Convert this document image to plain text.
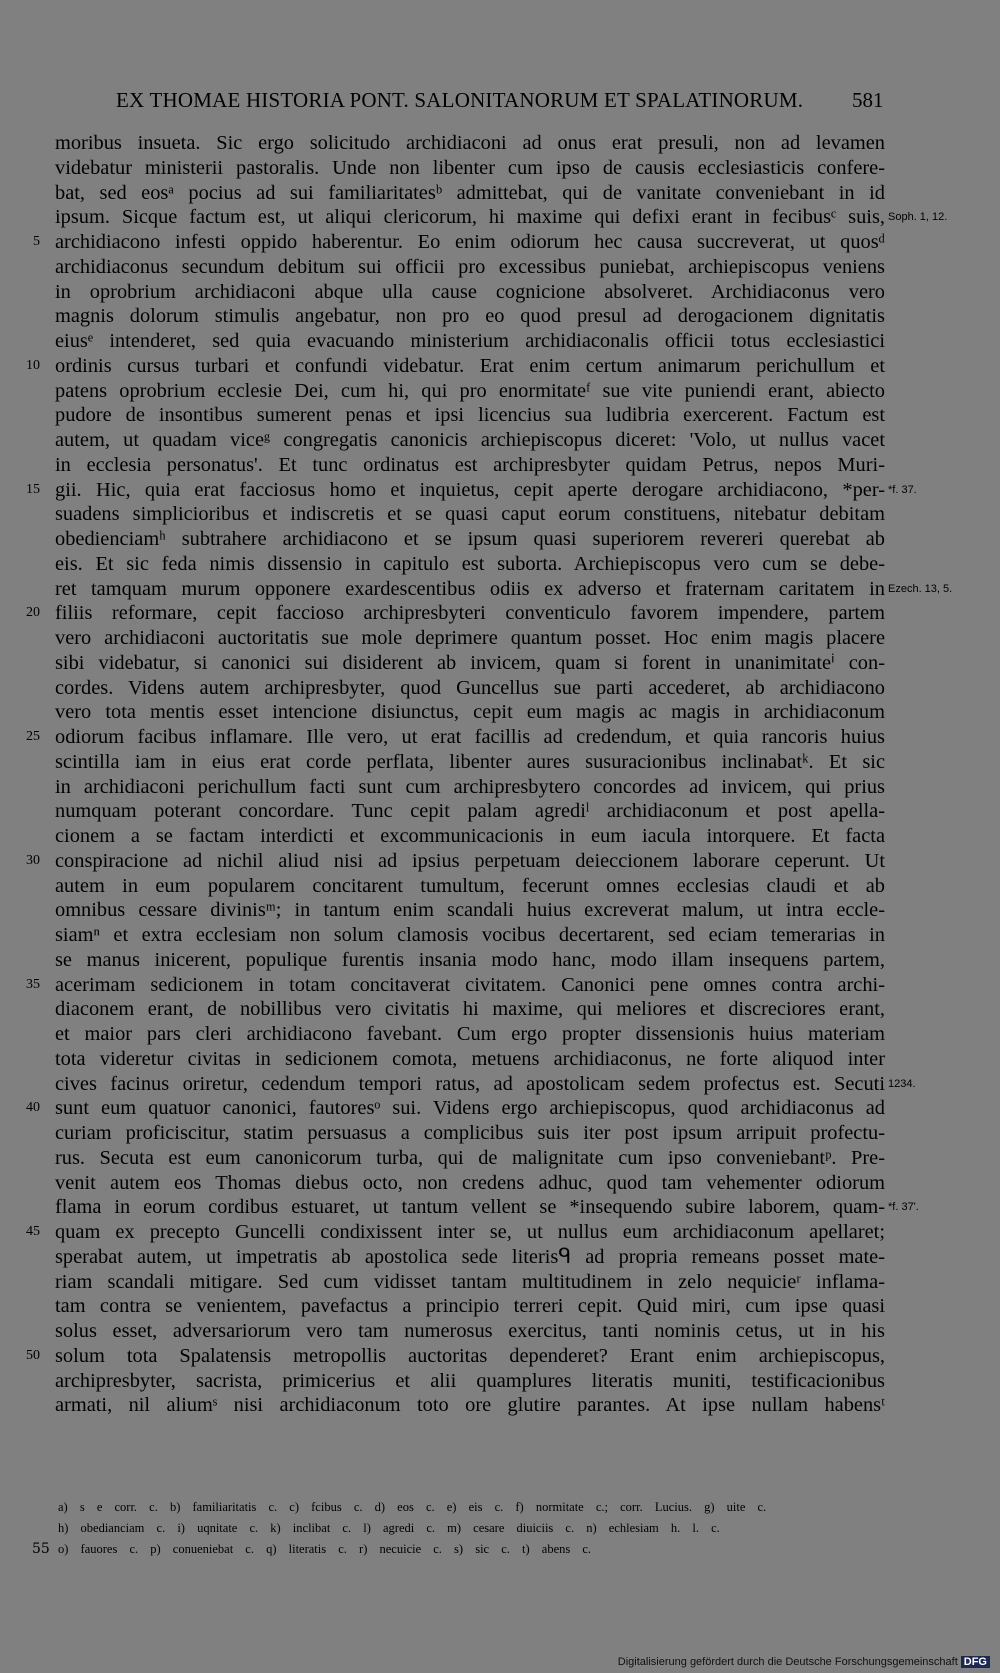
EX THOMAE HISTORIA PONT. SALONITANORUM ET SPALATINORUM. 581
moribus insueta. Sic ergo solicitudo archidiaconi ad onus erat presuli, non ad levamen
videbatur ministerii pastoralis. Unde non libenter cum ipso de causis ecclesiasticis confere-
bat, sed eosᵃ pocius ad sui familiaritatesᵇ admittebat, qui de vanitate conveniebant in id
ipsum. Sicque factum est, ut aliqui clericorum, hi maxime qui defixi erant in fecibusᶜ suis,
archidiacono infesti oppido haberentur. Eo enim odiorum hec causa succreverat, ut quosᵈ
archidiaconus secundum debitum sui officii pro excessibus puniebat, archiepiscopus veniens
in oprobrium archidiaconi abque ulla cause cognicione absolveret. Archidiaconus vero
magnis dolorum stimulis angebatur, non pro eo quod presul ad derogacionem dignitatis
eiusᵉ intenderet, sed quia evacuando ministerium archidiaconalis officii totus ecclesiastici
ordinis cursus turbari et confundi videbatur. Erat enim certum animarum perichullum et
patens oprobrium ecclesie Dei, cum hi, qui pro enormitateᶠ sue vite puniendi erant, abiecto
pudore de insontibus sumerent penas et ipsi licencius sua ludibria exercerent. Factum est
autem, ut quadam viceᵍ congregatis canonicis archiepiscopus diceret: 'Volo, ut nullus vacet
in ecclesia personatus'. Et tunc ordinatus est archipresbyter quidam Petrus, nepos Muri-
gii. Hic, quia erat facciosus homo et inquietus, cepit aperte derogare archidiacono, *per-
suadens simplicioribus et indiscretis et se quasi caput eorum constituens, nitebatur debitam
obedienciamʰ subtrahere archidiacono et se ipsum quasi superiorem revereri querebat ab
eis. Et sic feda nimis dissensio in capitulo est suborta. Archiepiscopus vero cum se debe-
ret tamquam murum opponere exardescentibus odiis ex adverso et fraternam caritatem in
filiis reformare, cepit faccioso archipresbyteri conventiculo favorem impendere, partem
vero archidiaconi auctoritatis sue mole deprimere quantum posset. Hoc enim magis placere
sibi videbatur, si canonici sui disiderent ab invicem, quam si forent in unanimitateⁱ con-
cordes. Videns autem archipresbyter, quod Guncellus sue parti accederet, ab archidiacono
vero tota mentis esset intencione disiunctus, cepit eum magis ac magis in archidiaconum
odiorum facibus inflamare. Ille vero, ut erat facillis ad credendum, et quia rancoris huius
scintilla iam in eius erat corde perflata, libenter aures susuracionibus inclinabatᵏ. Et sic
in archidiaconi perichullum facti sunt cum archipresbytero concordes ad invicem, qui prius
numquam poterant concordare. Tunc cepit palam agrediˡ archidiaconum et post apella-
cionem a se factam interdicti et excommunicacionis in eum iacula intorquere. Et facta
conspiracione ad nichil aliud nisi ad ipsius perpetuam deieccionem laborare ceperunt. Ut
autem in eum popularem concitarent tumultum, fecerunt omnes ecclesias claudi et ab
omnibus cessare divinisᵐ; in tantum enim scandali huius excreverat malum, ut intra eccle-
siamⁿ et extra ecclesiam non solum clamosis vocibus decertarent, sed eciam temerarias in
se manus inicerent, populique furentis insania modo hanc, modo illam insequens partem,
acerimam sedicionem in totam concitaverat civitatem. Canonici pene omnes contra archi-
diaconem erant, de nobillibus vero civitatis hi maxime, qui meliores et discreciores erant,
et maior pars cleri archidiacono favebant. Cum ergo propter dissensionis huius materiam
tota videretur civitas in sedicionem comota, metuens archidiaconus, ne forte aliquod inter
cives facinus oriretur, cedendum tempori ratus, ad apostolicam sedem profectus est. Secuti
sunt eum quatuor canonici, fautoresᵒ sui. Videns ergo archiepiscopus, quod archidiaconus ad
curiam proficiscitur, statim persuasus a complicibus suis iter post ipsum arripuit profectu-
rus. Secuta est eum canonicorum turba, qui de malignitate cum ipso conveniebantᵖ. Pre-
venit autem eos Thomas diebus octo, non credens adhuc, quod tam vehementer odiorum
flama in eorum cordibus estuaret, ut tantum vellent se *insequendo subire laborem, quam-
quam ex precepto Guncelli condixissent inter se, ut nullus eum archidiaconum apellaret;
sperabat autem, ut impetratis ab apostolica sede literisᑫ ad propria remeans posset mate-
riam scandali mitigare. Sed cum vidisset tantam multitudinem in zelo nequicieʳ inflama-
tam contra se venientem, pavefactus a principio terreri cepit. Quid miri, cum ipse quasi
solus esset, adversariorum vero tam numerosus exercitus, tanti nominis cetus, ut in his
solum tota Spalatensis metropollis auctoritas dependeret? Erant enim archiepiscopus,
archipresbyter, sacrista, primicerius et alii quamplures literatis muniti, testificacionibus
armati, nil aliumˢ nisi archidiaconum toto ore glutire parantes. At ipse nullam habensᵗ
5
10
15
20
25
30
35
40
45
50
Soph. 1, 12.
*f. 37.
Ezech. 13, 5.
1234.
*f. 37'.
a) s e corr. c. b) familiaritatis c. c) fcibus c. d) eos c. e) eis c. f) normitate c.; corr. Lucius. g) uite c.
h) obedianciam c. i) uqnitate c. k) inclibat c. l) agredi c. m) cesare diuiciis c. n) echlesiam h. l. c.
o) fauores c. p) conueniebat c. q) literatis c. r) necuicie c. s) sic c. t) abens c.
55
Digitalisierung gefördert durch die Deutsche Forschungsgemeinschaft DFG
